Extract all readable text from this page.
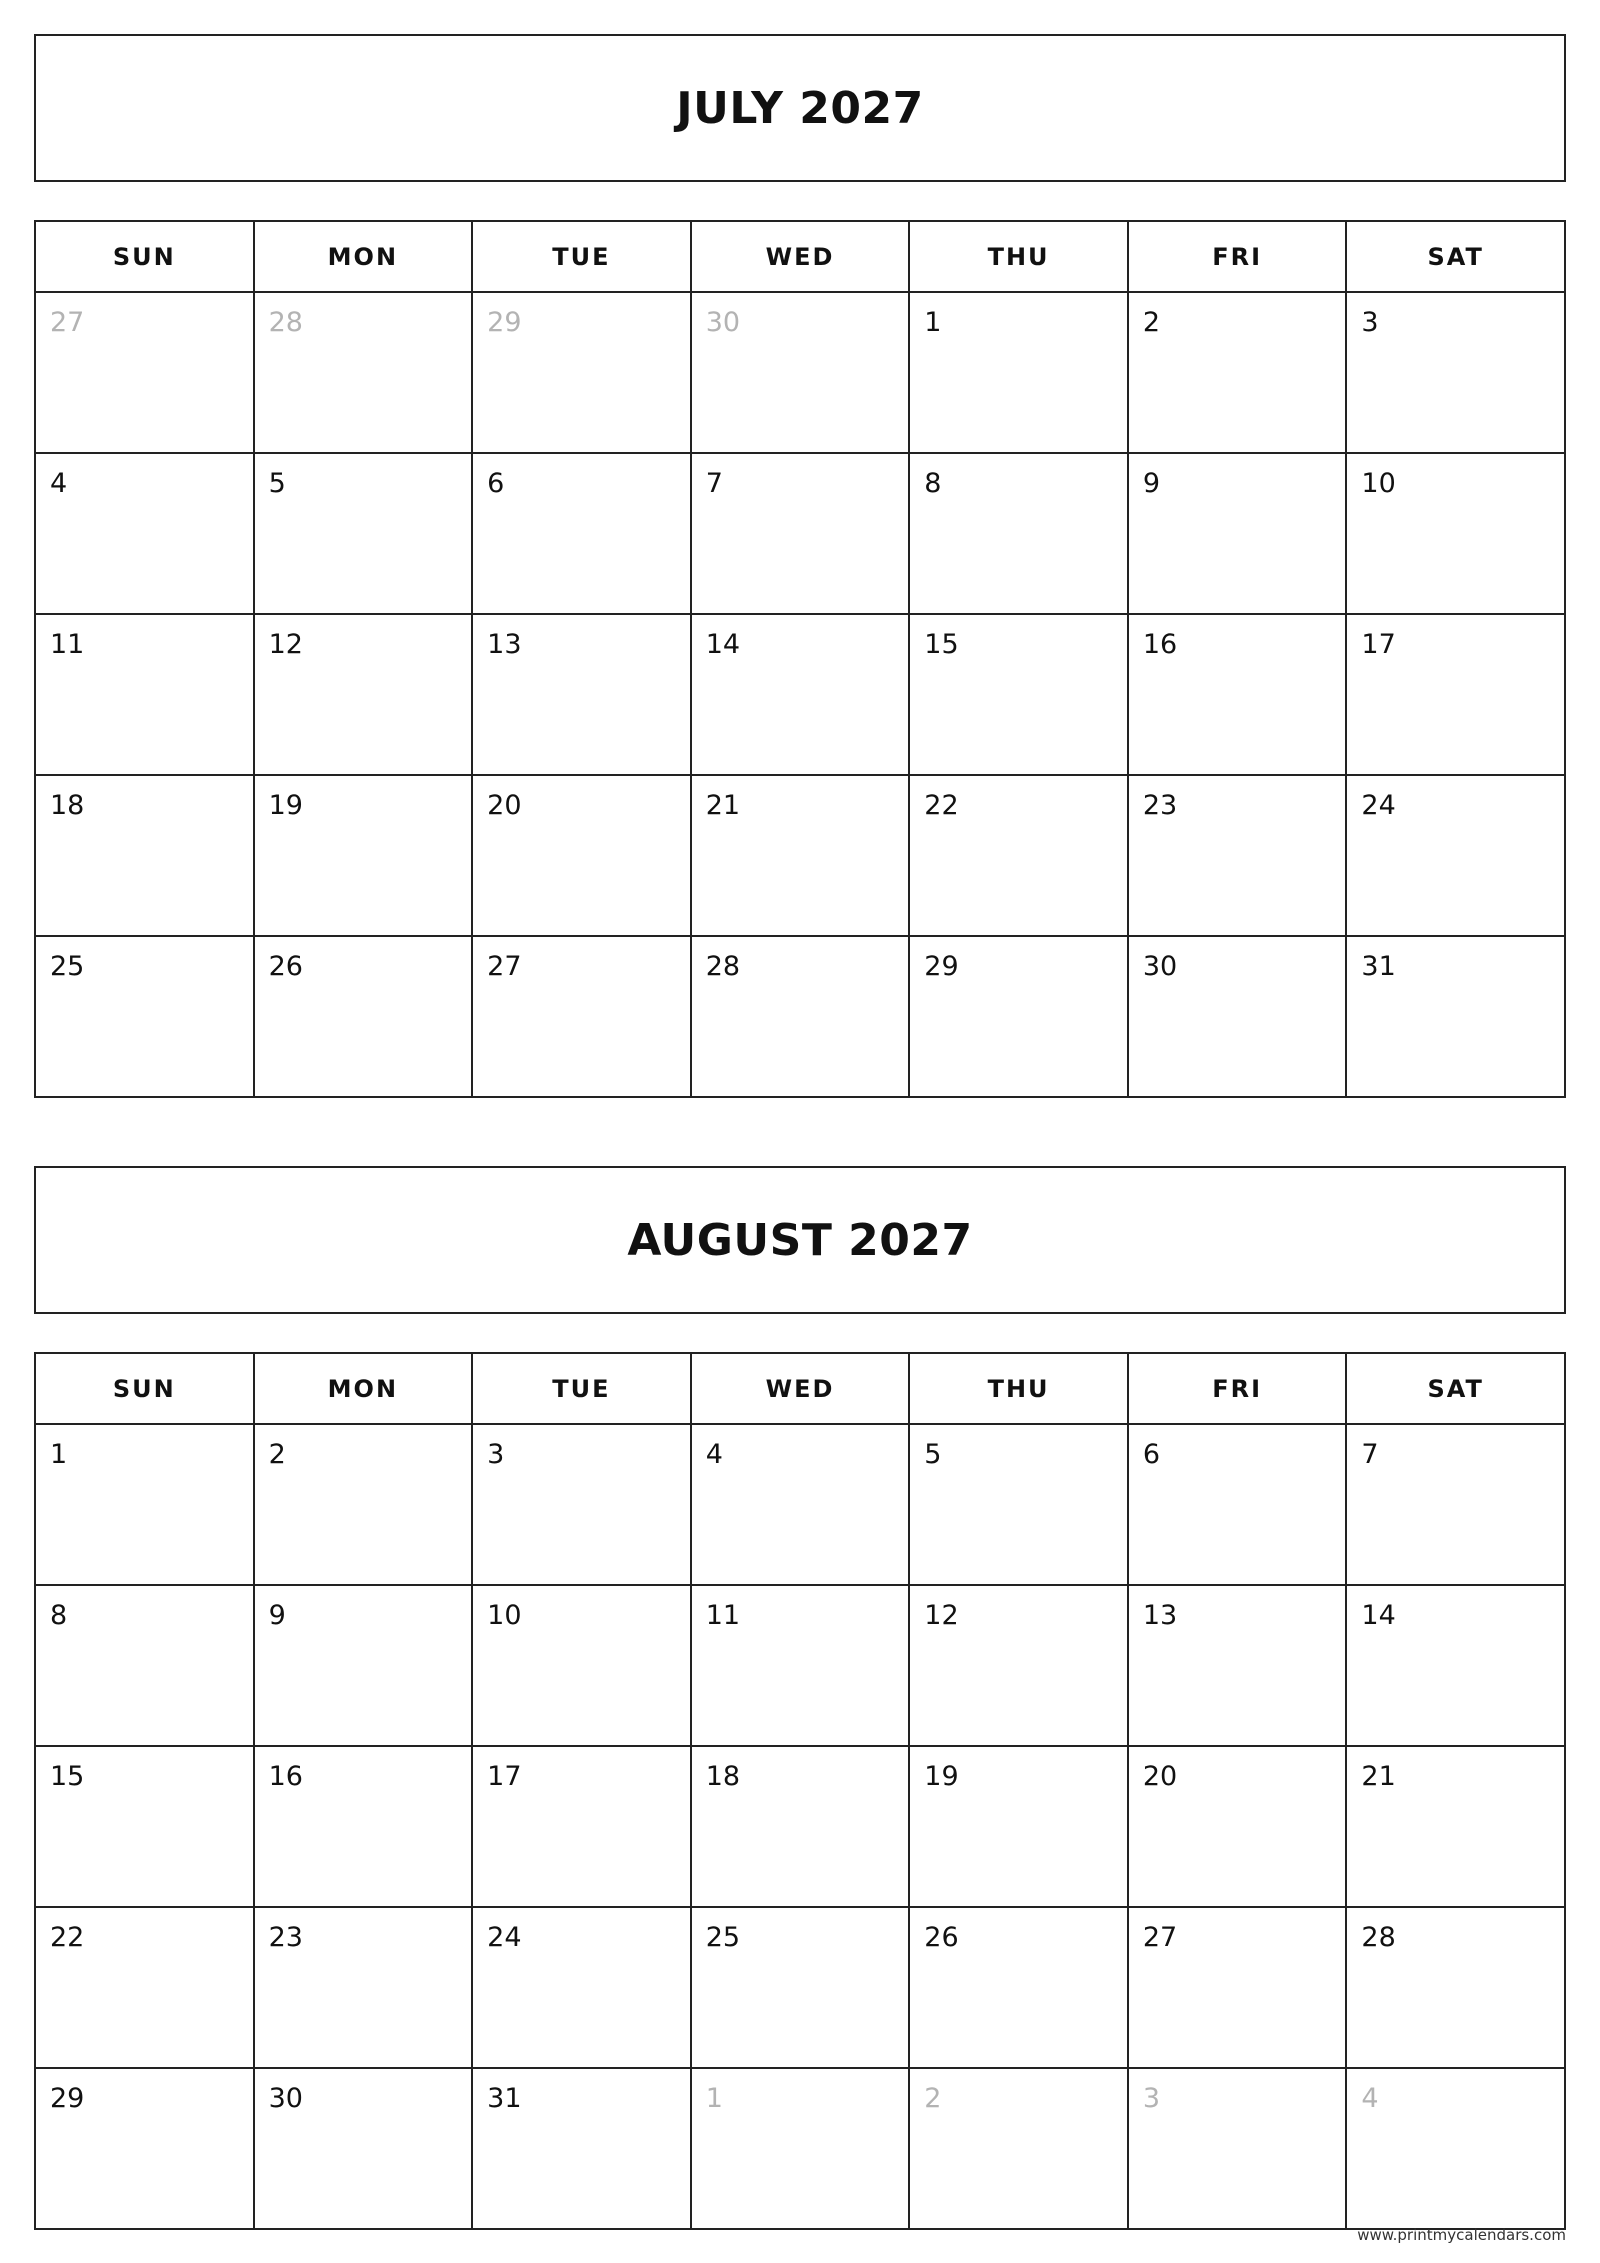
JULY 2027
SUN	MON	TUE	WED	THU	FRI	SAT
27	28	29	30	1	2	3
4	5	6	7	8	9	10
11	12	13	14	15	16	17
18	19	20	21	22	23	24
25	26	27	28	29	30	31
AUGUST 2027
SUN	MON	TUE	WED	THU	FRI	SAT
1	2	3	4	5	6	7
8	9	10	11	12	13	14
15	16	17	18	19	20	21
22	23	24	25	26	27	28
29	30	31	1	2	3	4
www.printmycalendars.com
